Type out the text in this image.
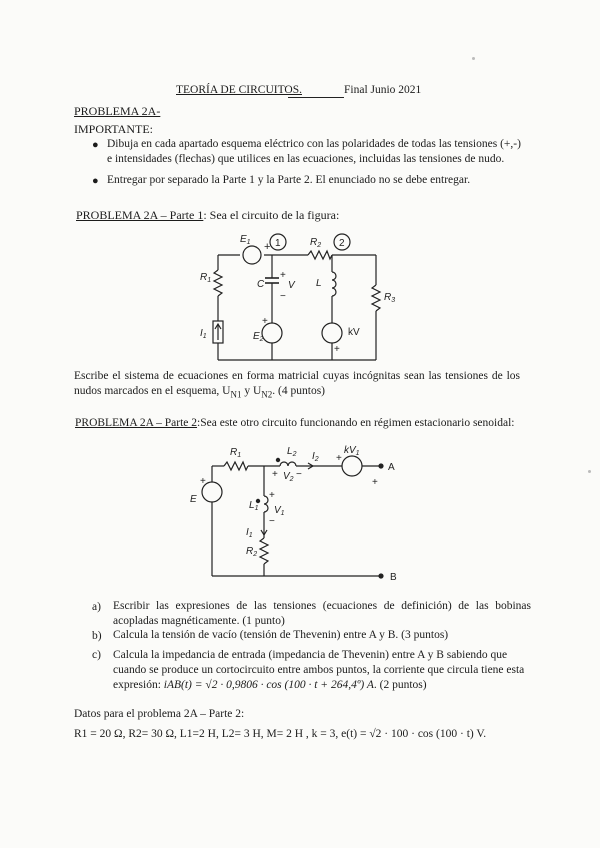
TEORÍA DE CIRCUITOS.	Final Junio 2021
PROBLEMA 2A-
IMPORTANTE:
● Dibuja en cada apartado esquema eléctrico con las polaridades de todas las tensiones (+,-) e intensidades (flechas) que utilices en las ecuaciones, incluidas las tensiones de nudo.
● Entregar por separado la Parte 1 y la Parte 2. El enunciado no se debe entregar.
PROBLEMA 2A – Parte 1: Sea el circuito de la figura:
$E_1 + 1$	2
$R_2$
$R_1$
$R_3$
C
+
V
−
L
$I_1$
+
$E_2$
kV
+
Escribe el sistema de ecuaciones en forma matricial cuyas incógnitas sean las tensiones de los nudos marcados en el esquema, $U_{N1}$ y $U_{N2}$. (4 puntos)
PROBLEMA 2A – Parte 2:Sea este otro circuito funcionando en régimen estacionario senoidal:
$R_1$	$L_2$ $I_2$
$kV_1$
+
A
+
B
+
E
+ $V_2$ −
+
$L_1$ $V_1$
−
$I_1$
$R_2$
a) Escribir las expresiones de las tensiones (ecuaciones de definición) de las bobinas acopladas magnéticamente. (1 punto)
b) Calcula la tensión de vacío (tensión de Thevenin) entre A y B. (3 puntos)
c) Calcula la impedancia de entrada (impedancia de Thevenin) entre A y B sabiendo que cuando se produce un cortocircuito entre ambos puntos, la corriente que circula tiene esta
expresión: iAB(t) = √2 · 0,9806 · cos (100 · t + 264,4º) A. (2 puntos)
Datos para el problema 2A – Parte 2:
R1 = 20 Ω, R2= 30 Ω, L1=2 H, L2= 3 H, M= 2 H , k = 3, e(t) = √2 · 100 · cos (100 · t) V.
